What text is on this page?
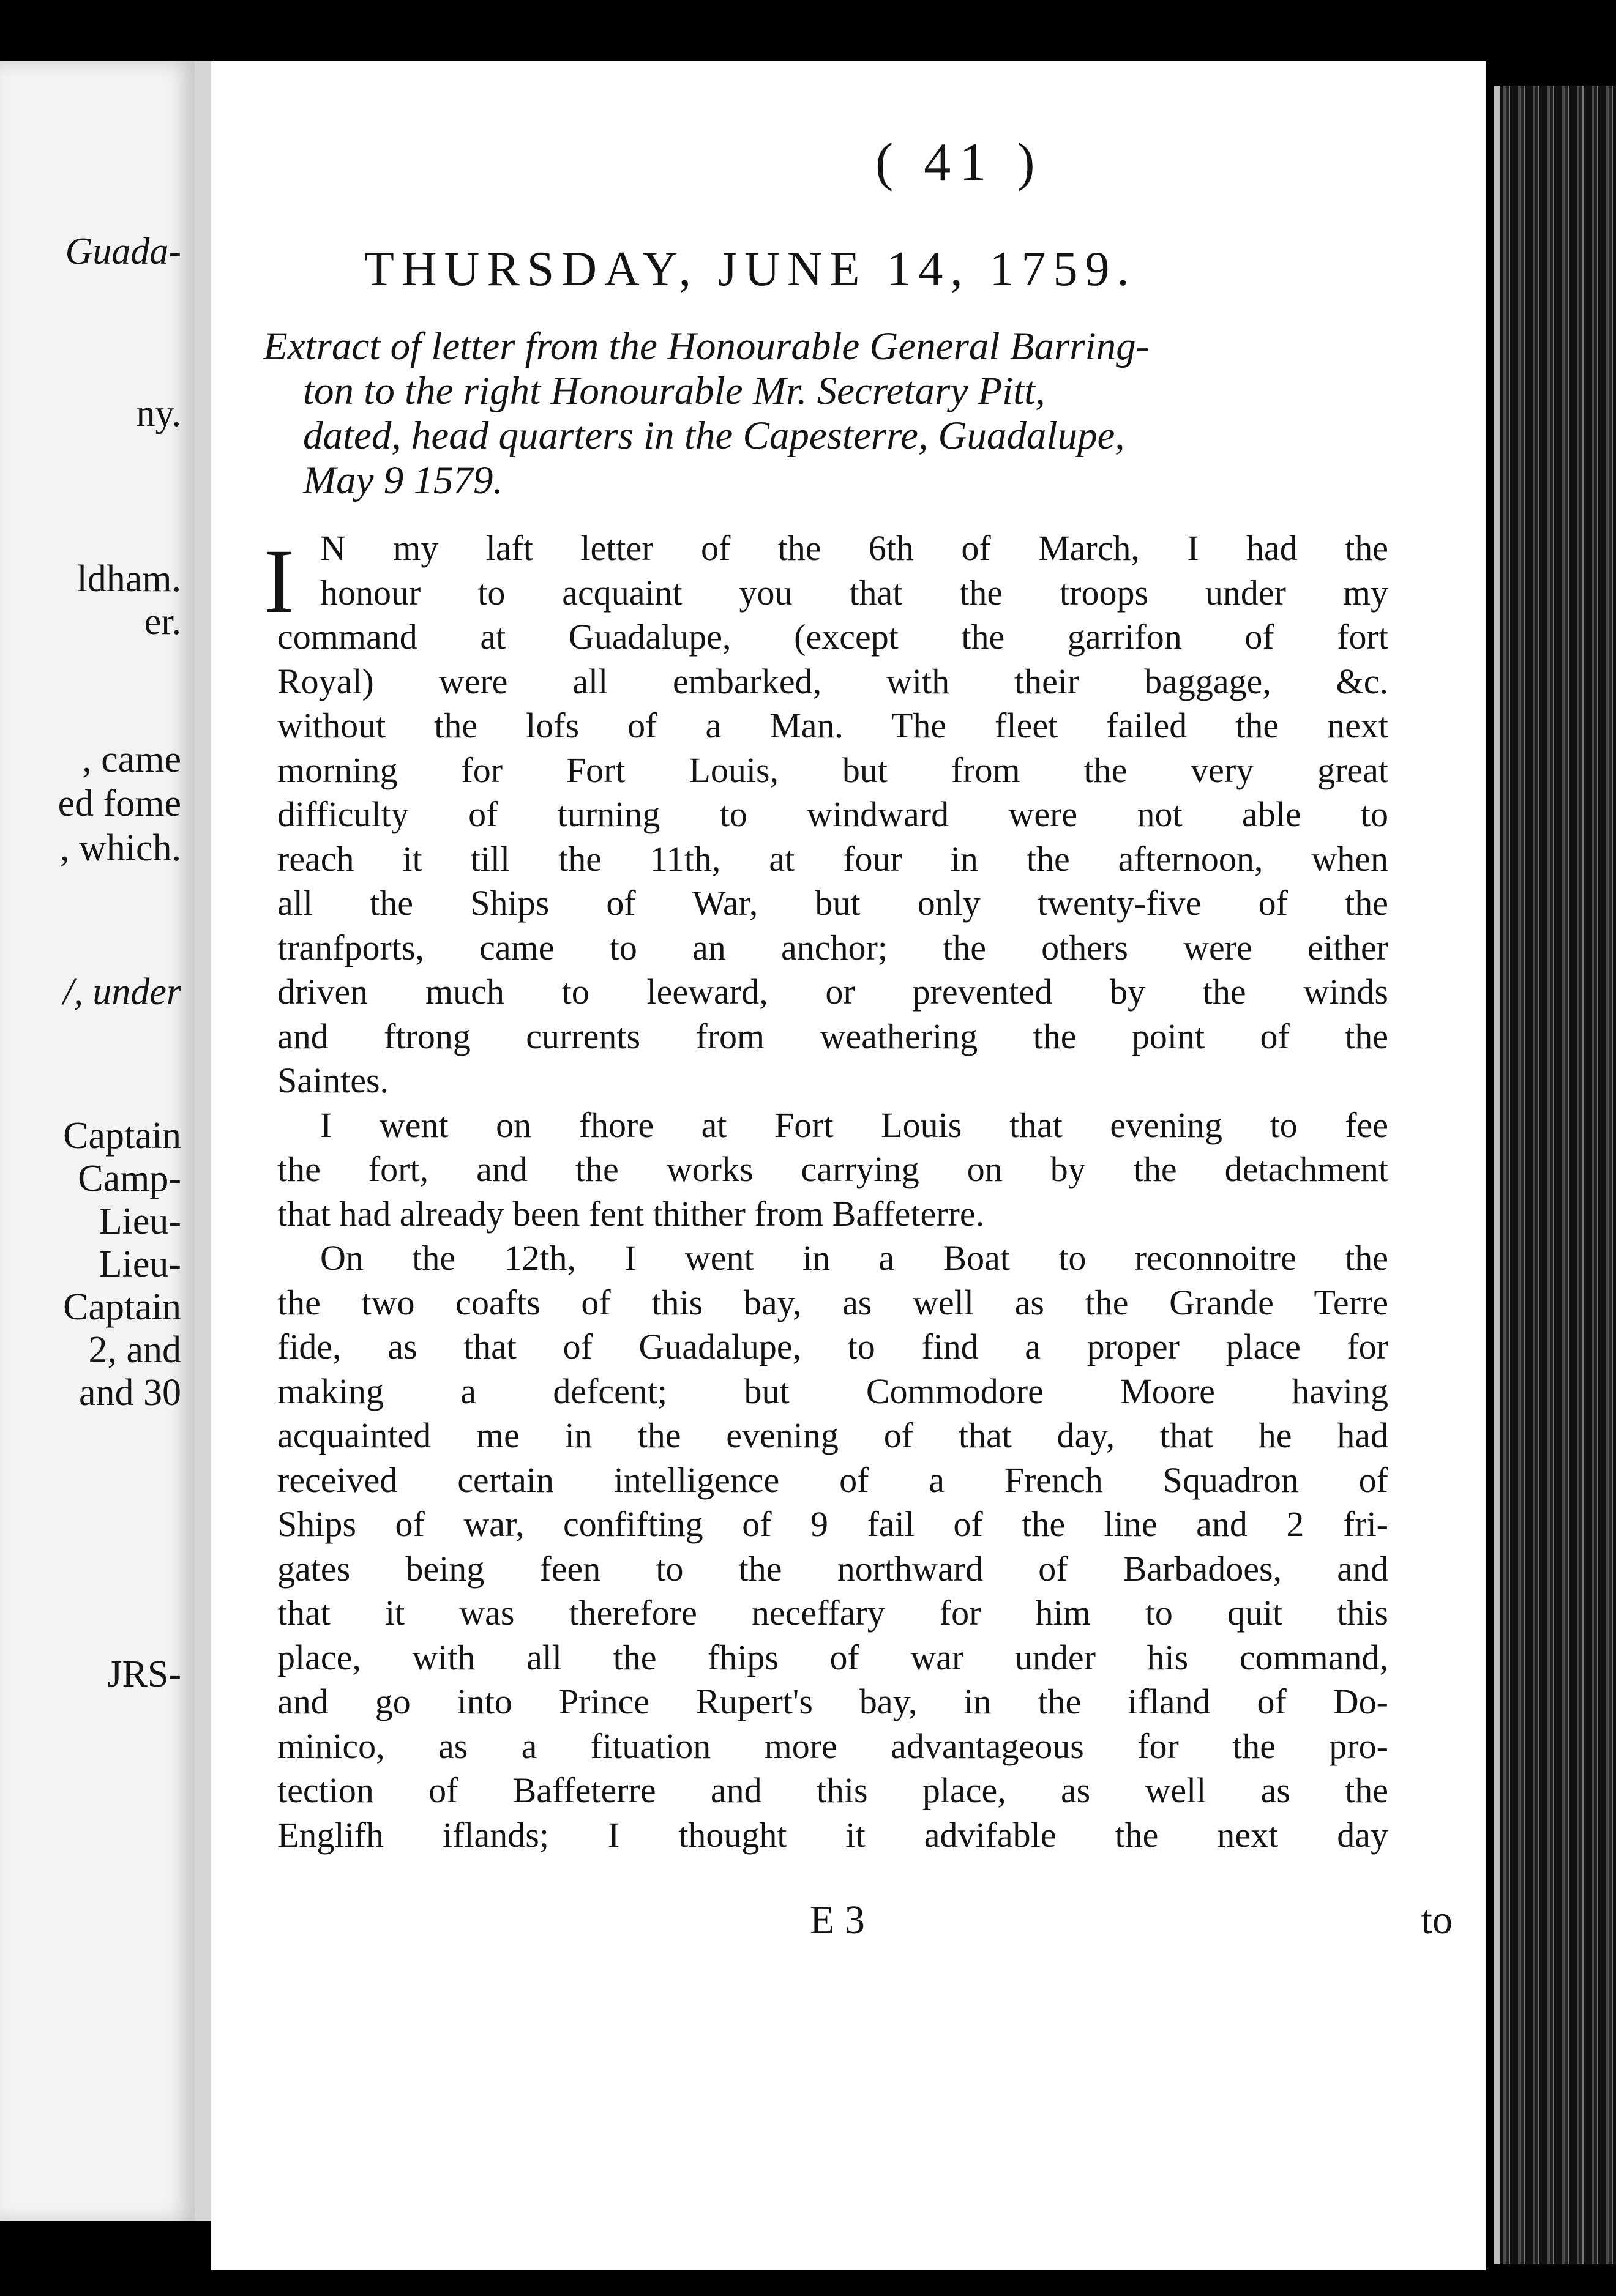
Guada-
ny.
ldham.
er.
, came
ed fome
, which.
/, under
Captain
Camp-
Lieu-
Lieu-
Captain
2, and
and 30
JRS-
( 41 )
THURSDAY, JUNE 14, 1759.
Extract of letter from the Honourable General Barring-
ton to the right Honourable Mr. Secretary Pitt,
dated, head quarters in the Capesterre, Guadalupe,
May 9 1579.
I N my laft letter of the 6th of March, I had the
honour to acquaint you that the troops under my
command at Guadalupe, (except the garrifon of fort
Royal) were all embarked, with their baggage, &c.
without the lofs of a Man. The fleet failed the next
morning for Fort Louis, but from the very great
difficulty of turning to windward were not able to
reach it till the 11th, at four in the afternoon, when
all the Ships of War, but only twenty-five of the
tranfports, came to an anchor; the others were either
driven much to leeward, or prevented by the winds
and ftrong currents from weathering the point of the
Saintes.
I went on fhore at Fort Louis that evening to fee
the fort, and the works carrying on by the detachment
that had already been fent thither from Baffeterre.
On the 12th, I went in a Boat to reconnoitre the
the two coafts of this bay, as well as the Grande Terre
fide, as that of Guadalupe, to find a proper place for
making a defcent; but Commodore Moore having
acquainted me in the evening of that day, that he had
received certain intelligence of a French Squadron of
Ships of war, confifting of 9 fail of the line and 2 fri-
gates being feen to the northward of Barbadoes, and
that it was therefore neceffary for him to quit this
place, with all the fhips of war under his command,
and go into Prince Rupert's bay, in the ifland of Do-
minico, as a fituation more advantageous for the pro-
tection of Baffeterre and this place, as well as the
Englifh iflands; I thought it advifable the next day
E 3	to
